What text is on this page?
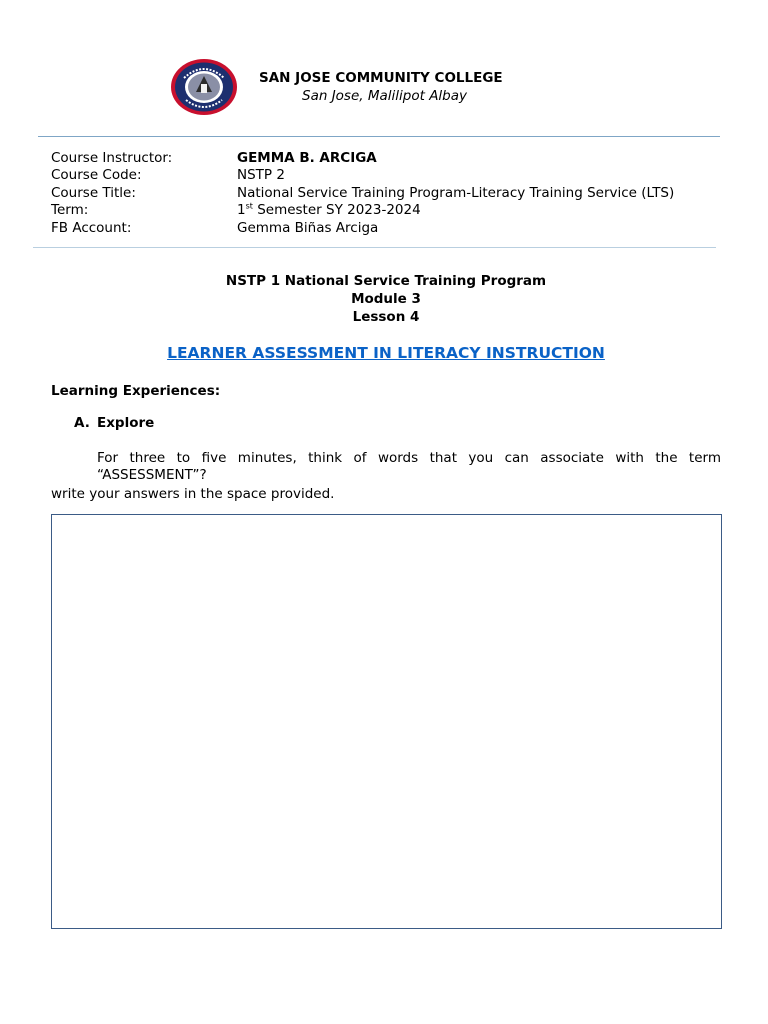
SAN JOSE COMMUNITY COLLEGE
San Jose, Malilipot Albay
Course Instructor:	GEMMA B. ARCIGA
Course Code:	NSTP 2
Course Title:	National Service Training Program-Literacy Training Service (LTS)
Term:	1st Semester SY 2023-2024
FB Account:	Gemma Biñas Arciga
NSTP 1 National Service Training Program
Module 3
Lesson 4
LEARNER ASSESSMENT IN LITERACY INSTRUCTION
Learning Experiences:
A. Explore
For three to five minutes, think of words that you can associate with the term
“ASSESSMENT”?
write your answers in the space provided.
